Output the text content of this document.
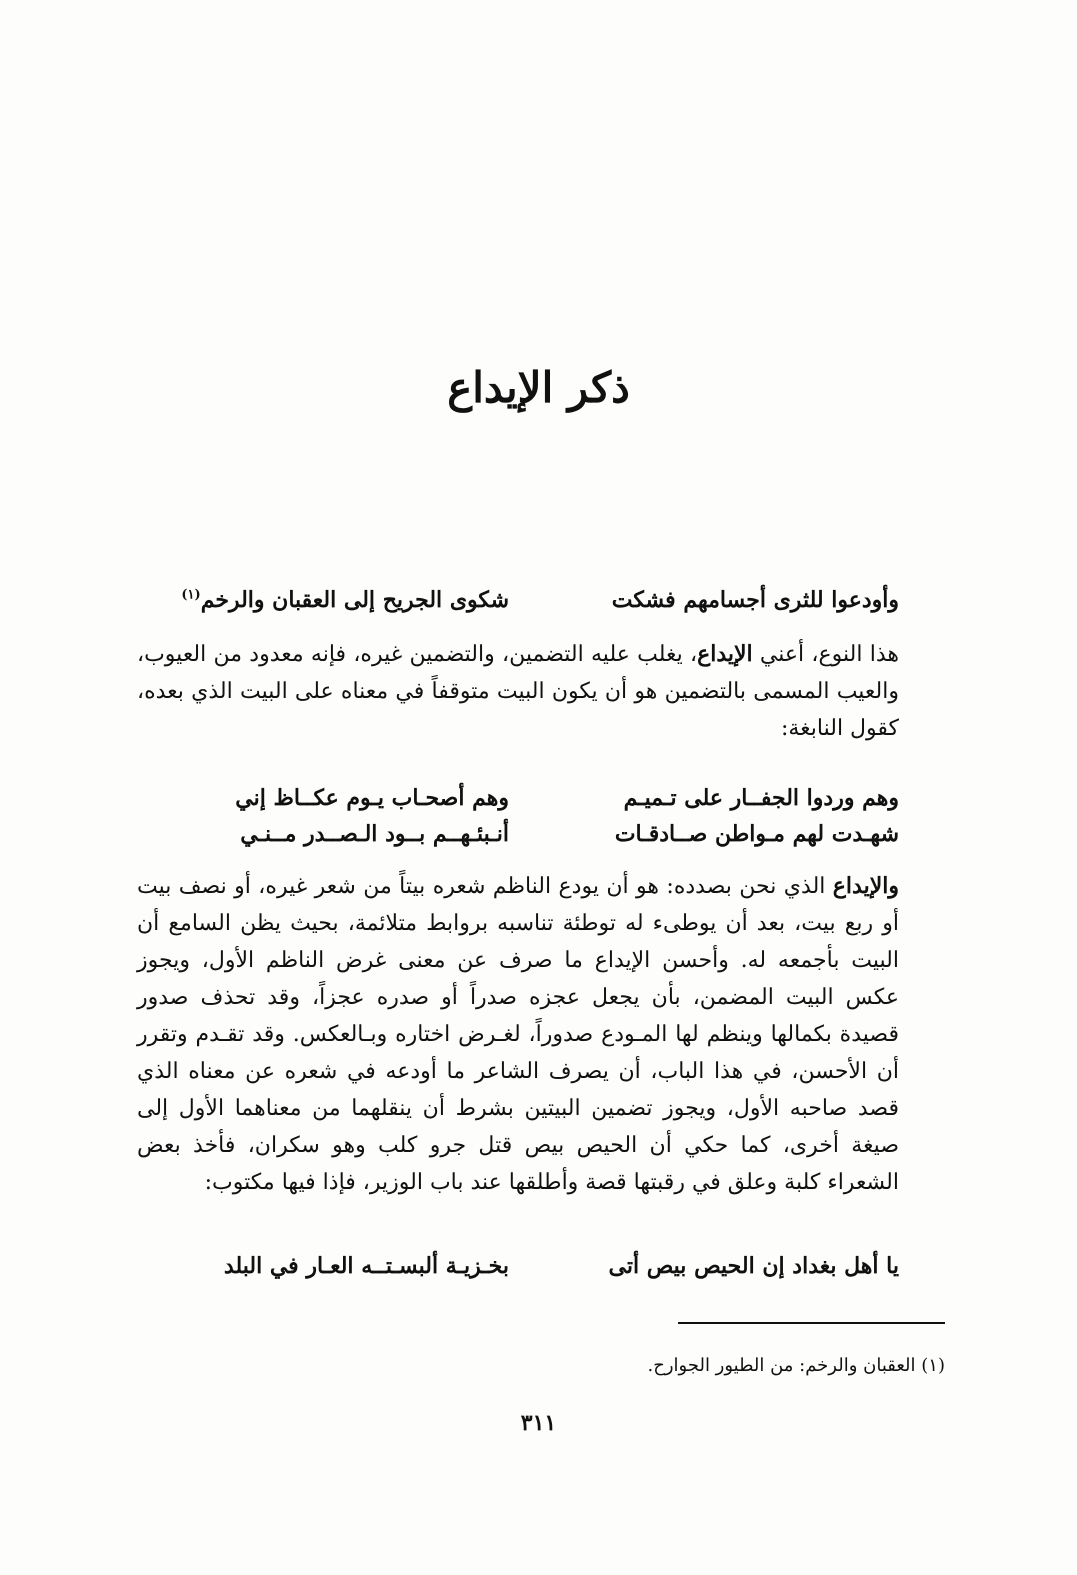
ذكر الإيداع
وأودعوا للثرى أجسامهم فشكت
شكوى الجريح إلى العقبان والرخم$^{(١)}$

هذا النوع، أعني الإيداع، يغلب عليه التضمين، والتضمين غيره، فإنه معدود من العيوب، والعيب المسمى بالتضمين هو أن يكون البيت متوقفاً في معناه على البيت الذي بعده، كقول النابغة:

وهم وردوا الجفــار على تـميـم
وهم أصحـاب يـوم عكــاظ إني
شهـدت لهم مـواطن صــادقـات
أنـبئـهــم بــود الـصــدر مــنـي

والإيداع الذي نحن بصدده: هو أن يودع الناظم شعره بيتاً من شعر غيره، أو نصف بيت أو ربع بيت، بعد أن يوطىء له توطئة تناسبه بروابط متلائمة، بحيث يظن السامع أن البيت بأجمعه له. وأحسن الإيداع ما صرف عن معنى غرض الناظم الأول، ويجوز عكس البيت المضمن، بأن يجعل عجزه صدراً أو صدره عجزاً، وقد تحذف صدور قصيدة بكمالها وينظم لها المـودع صدوراً، لغـرض اختاره وبـالعكس. وقد تقـدم وتقرر أن الأحسن، في هذا الباب، أن يصرف الشاعر ما أودعه في شعره عن معناه الذي قصد صاحبه الأول، ويجوز تضمين البيتين بشرط أن ينقلهما من معناهما الأول إلى صيغة أخرى، كما حكي أن الحيص بيص قتل جرو كلب وهو سكران، فأخذ بعض الشعراء كلبة وعلق في رقبتها قصة وأطلقها عند باب الوزير، فإذا فيها مكتوب:

يا أهل بغداد إن الحيص بيص أتى
بخـزيـة ألبسـتــه العـار في البلد

(١) العقبان والرخم: من الطيور الجوارح.

٣١١
